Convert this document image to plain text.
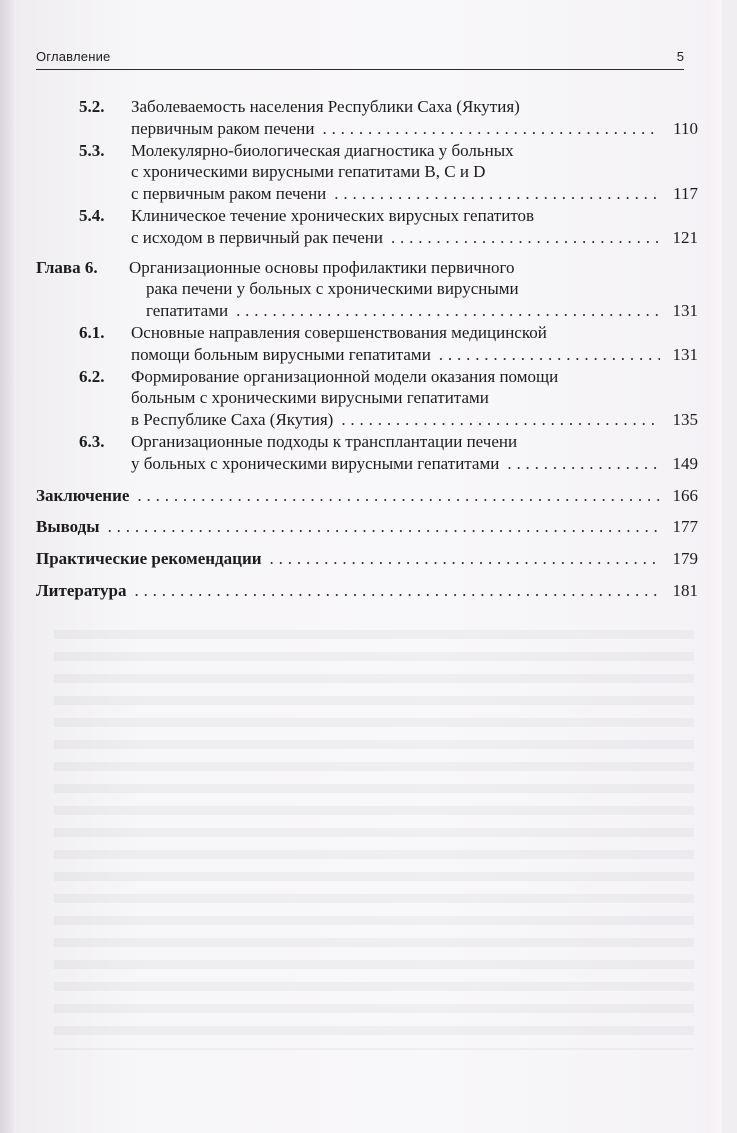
Оглавление	5
5.2. Заболеваемость населения Республики Саха (Якутия)
первичным раком печени . . .	110
5.3. Молекулярно-биологическая диагностика у больных
с хроническими вирусными гепатитами B, C и D
с первичным раком печени . . .	117
5.4. Клиническое течение хронических вирусных гепатитов
с исходом в первичный рак печени . . .	121
Глава 6. Организационные основы профилактики первичного
рака печени у больных с хроническими вирусными
гепатитами . . .	131
6.1. Основные направления совершенствования медицинской
помощи больным вирусными гепатитами . . .	131
6.2. Формирование организационной модели оказания помощи
больным с хроническими вирусными гепатитами
в Республике Саха (Якутия) . . .	135
6.3. Организационные подходы к трансплантации печени
у больных с хроническими вирусными гепатитами . . .	149
Заключение . . .	166
Выводы . . .	177
Практические рекомендации . . .	179
Литература . . .	181
